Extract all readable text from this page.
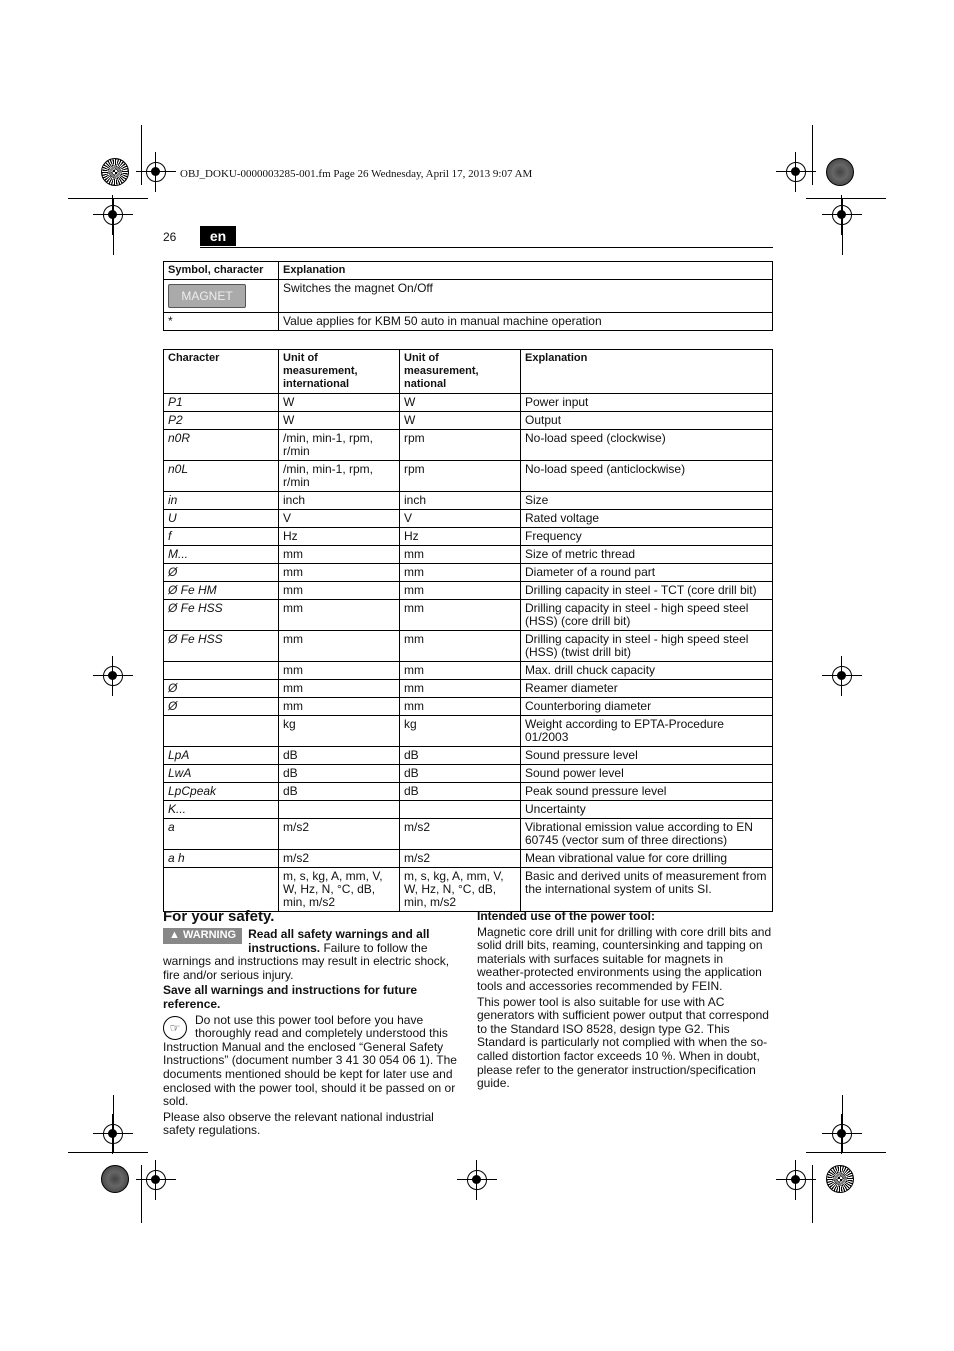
OBJ_DOKU-0000003285-001.fm Page 26 Wednesday, April 17, 2013 9:07 AM
26	en
Symbol, character	Explanation
MAGNET	Switches the magnet On/Off
*	Value applies for KBM 50 auto in manual machine operation
Character	Unit of measurement, international	Unit of measurement, national	Explanation
P1	W	W	Power input
P2	W	W	Output
n0R	/min, min-1, rpm, r/min	rpm	No-load speed (clockwise)
n0L	/min, min-1, rpm, r/min	rpm	No-load speed (anticlockwise)
in	inch	inch	Size
U	V	V	Rated voltage
f	Hz	Hz	Frequency
M...	mm	mm	Size of metric thread
Ø	mm	mm	Diameter of a round part
Ø Fe HM	mm	mm	Drilling capacity in steel - TCT (core drill bit)
Ø Fe HSS	mm	mm	Drilling capacity in steel - high speed steel (HSS) (core drill bit)
Ø Fe HSS	mm	mm	Drilling capacity in steel - high speed steel (HSS) (twist drill bit)
	mm	mm	Max. drill chuck capacity
Ø	mm	mm	Reamer diameter
Ø	mm	mm	Counterboring diameter
	kg	kg	Weight according to EPTA-Procedure 01/2003
LpA	dB	dB	Sound pressure level
LwA	dB	dB	Sound power level
LpCpeak	dB	dB	Peak sound pressure level
K...			Uncertainty
a	m/s2	m/s2	Vibrational emission value according to EN 60745 (vector sum of three directions)
a h	m/s2	m/s2	Mean vibrational value for core drilling
	m, s, kg, A, mm, V, W, Hz, N, °C, dB, min, m/s2	m, s, kg, A, mm, V, W, Hz, N, °C, dB, min, m/s2	Basic and derived units of measurement from the international system of units SI.
For your safety.

▲ WARNING	Read all safety warnings and all instructions. Failure to follow the warnings and instructions may result in electric shock, fire and/or serious injury.

Save all warnings and instructions for future reference.

☞
Do not use this power tool before you have thoroughly read and completely understood this Instruction Manual and the enclosed “General Safety Instructions” (document number 3 41 30 054 06 1). The documents mentioned should be kept for later use and enclosed with the power tool, should it be passed on or sold.

Please also observe the relevant national industrial safety regulations.

Intended use of the power tool:

Magnetic core drill unit for drilling with core drill bits and solid drill bits, reaming, countersinking and tapping on materials with surfaces suitable for magnets in weather-protected environments using the application tools and accessories recommended by FEIN.

This power tool is also suitable for use with AC generators with sufficient power output that correspond to the Standard ISO 8528, design type G2. This Standard is particularly not complied with when the so-called distortion factor exceeds 10 %. When in doubt, please refer to the generator instruction/specification guide.
